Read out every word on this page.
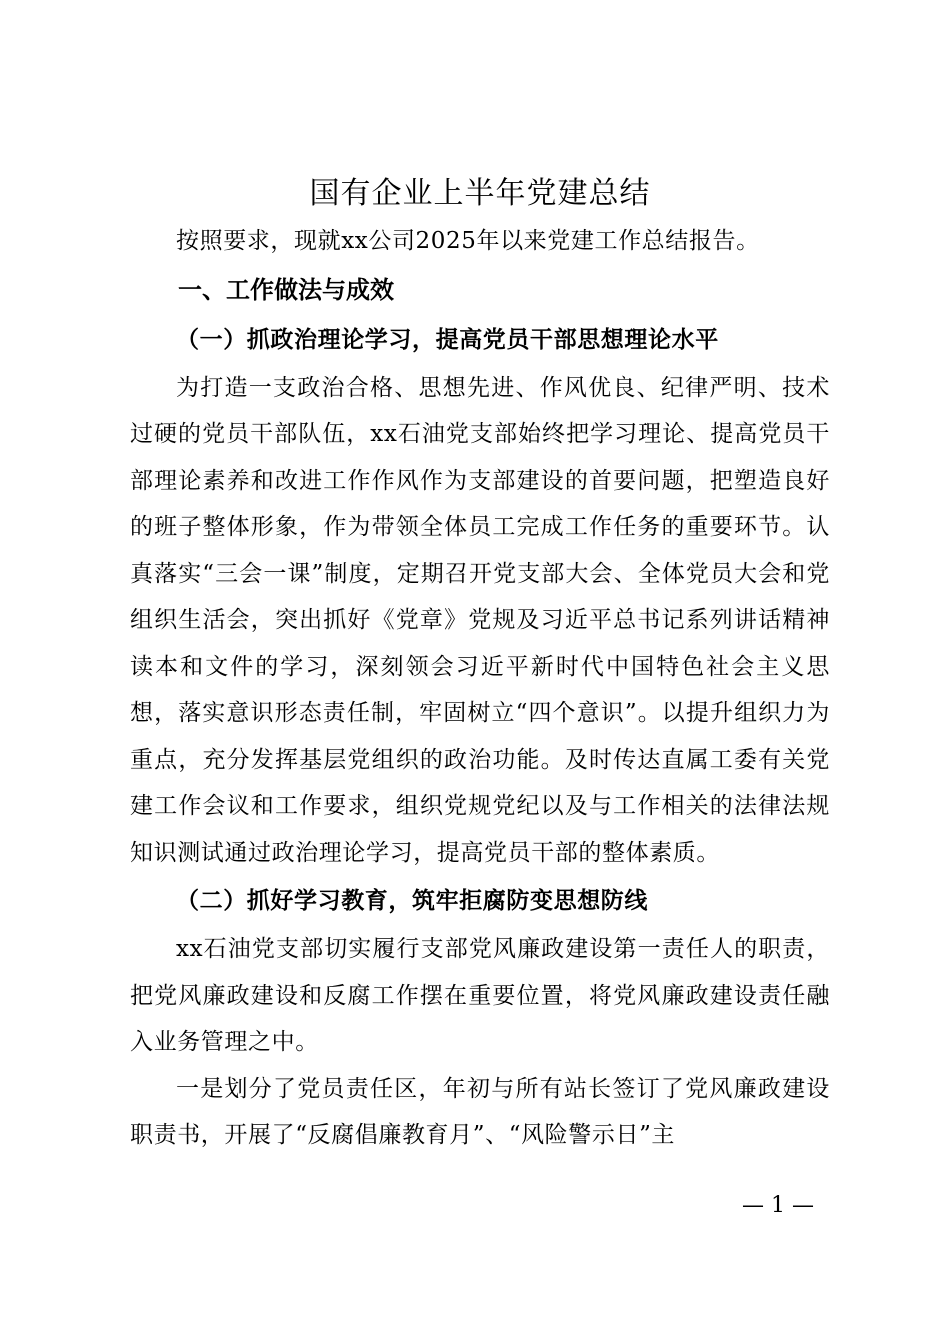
国有企业上半年党建总结

按照要求，现就xx公司2025年以来党建工作总结报告。

一、工作做法与成效

（一）抓政治理论学习，提高党员干部思想理论水平

为打造一支政治合格、思想先进、作风优良、纪律严明、技术过硬的党员干部队伍，xx石油党支部始终把学习理论、提高党员干部理论素养和改进工作作风作为支部建设的首要问题，把塑造良好的班子整体形象，作为带领全体员工完成工作任务的重要环节。认真落实“三会一课”制度，定期召开党支部大会、全体党员大会和党组织生活会，突出抓好《党章》党规及习近平总书记系列讲话精神读本和文件的学习，深刻领会习近平新时代中国特色社会主义思想，落实意识形态责任制，牢固树立“四个意识”。以提升组织力为重点，充分发挥基层党组织的政治功能。及时传达直属工委有关党建工作会议和工作要求，组织党规党纪以及与工作相关的法律法规知识测试通过政治理论学习，提高党员干部的整体素质。

（二）抓好学习教育，筑牢拒腐防变思想防线

xx石油党支部切实履行支部党风廉政建设第一责任人的职责，把党风廉政建设和反腐工作摆在重要位置，将党风廉政建设责任融入业务管理之中。

一是划分了党员责任区，年初与所有站长签订了党风廉政建设职责书，开展了“反腐倡廉教育月”、“风险警示日”主

— 1 —
